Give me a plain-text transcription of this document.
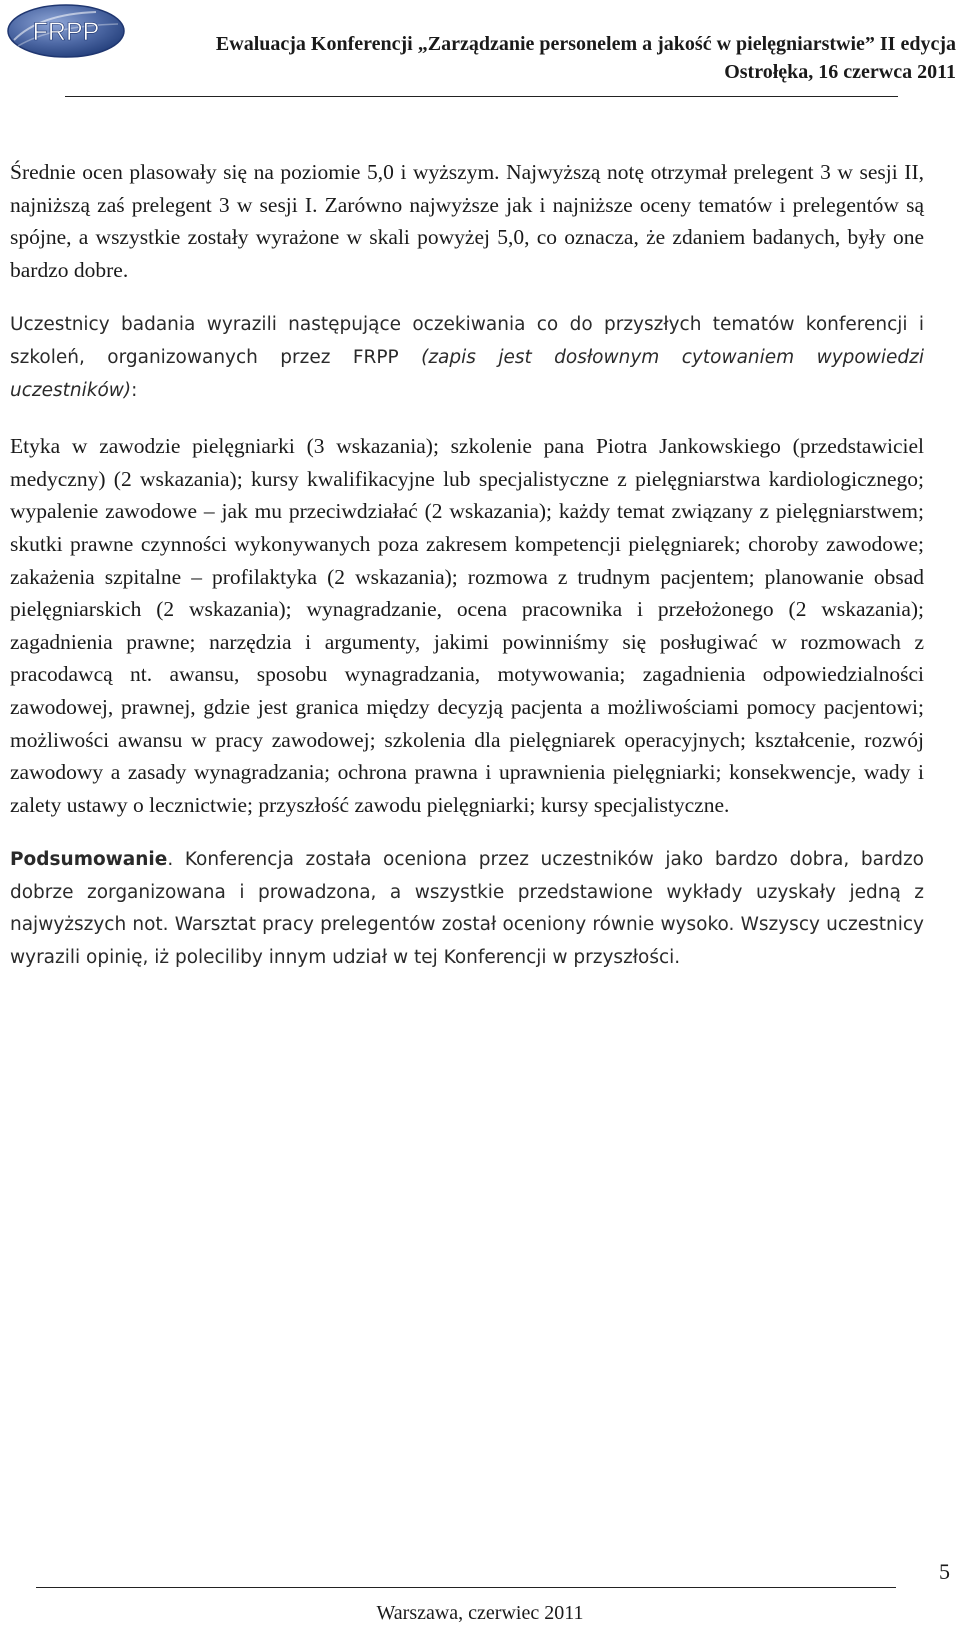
FRPP	Ewaluacja Konferencji „Zarządzanie personelem a jakość w pielęgniarstwie” II edycja
Ostrołęka, 16 czerwca 2011

Średnie ocen plasowały się na poziomie 5,0 i wyższym. Najwyższą notę otrzymał prelegent 3 w sesji II, najniższą zaś prelegent 3 w sesji I. Zarówno najwyższe jak i najniższe oceny tematów i prelegentów są spójne, a wszystkie zostały wyrażone w skali powyżej 5,0, co oznacza, że zdaniem badanych, były one bardzo dobre.

Uczestnicy badania wyrazili następujące oczekiwania co do przyszłych tematów konferencji i szkoleń, organizowanych przez FRPP (zapis jest dosłownym cytowaniem wypowiedzi uczestników):

Etyka w zawodzie pielęgniarki (3 wskazania); szkolenie pana Piotra Jankowskiego (przedstawiciel medyczny) (2 wskazania); kursy kwalifikacyjne lub specjalistyczne z pielęgniarstwa kardiologicznego; wypalenie zawodowe – jak mu przeciwdziałać (2 wskazania); każdy temat związany z pielęgniarstwem; skutki prawne czynności wykonywanych poza zakresem kompetencji pielęgniarek; choroby zawodowe; zakażenia szpitalne – profilaktyka (2 wskazania); rozmowa z trudnym pacjentem; planowanie obsad pielęgniarskich (2 wskazania); wynagradzanie, ocena pracownika i przełożonego (2 wskazania); zagadnienia prawne; narzędzia i argumenty, jakimi powinniśmy się posługiwać w rozmowach z pracodawcą nt. awansu, sposobu wynagradzania, motywowania; zagadnienia odpowiedzialności zawodowej, prawnej, gdzie jest granica między decyzją pacjenta a możliwościami pomocy pacjentowi; możliwości awansu w pracy zawodowej; szkolenia dla pielęgniarek operacyjnych; kształcenie, rozwój zawodowy a zasady wynagradzania; ochrona prawna i uprawnienia pielęgniarki; konsekwencje, wady i zalety ustawy o lecznictwie; przyszłość zawodu pielęgniarki; kursy specjalistyczne.

Podsumowanie. Konferencja została oceniona przez uczestników jako bardzo dobra, bardzo dobrze zorganizowana i prowadzona, a wszystkie przedstawione wykłady uzyskały jedną z najwyższych not. Warsztat pracy prelegentów został oceniony równie wysoko. Wszyscy uczestnicy wyrazili opinię, iż poleciliby innym udział w tej Konferencji w przyszłości.

5
Warszawa, czerwiec 2011
